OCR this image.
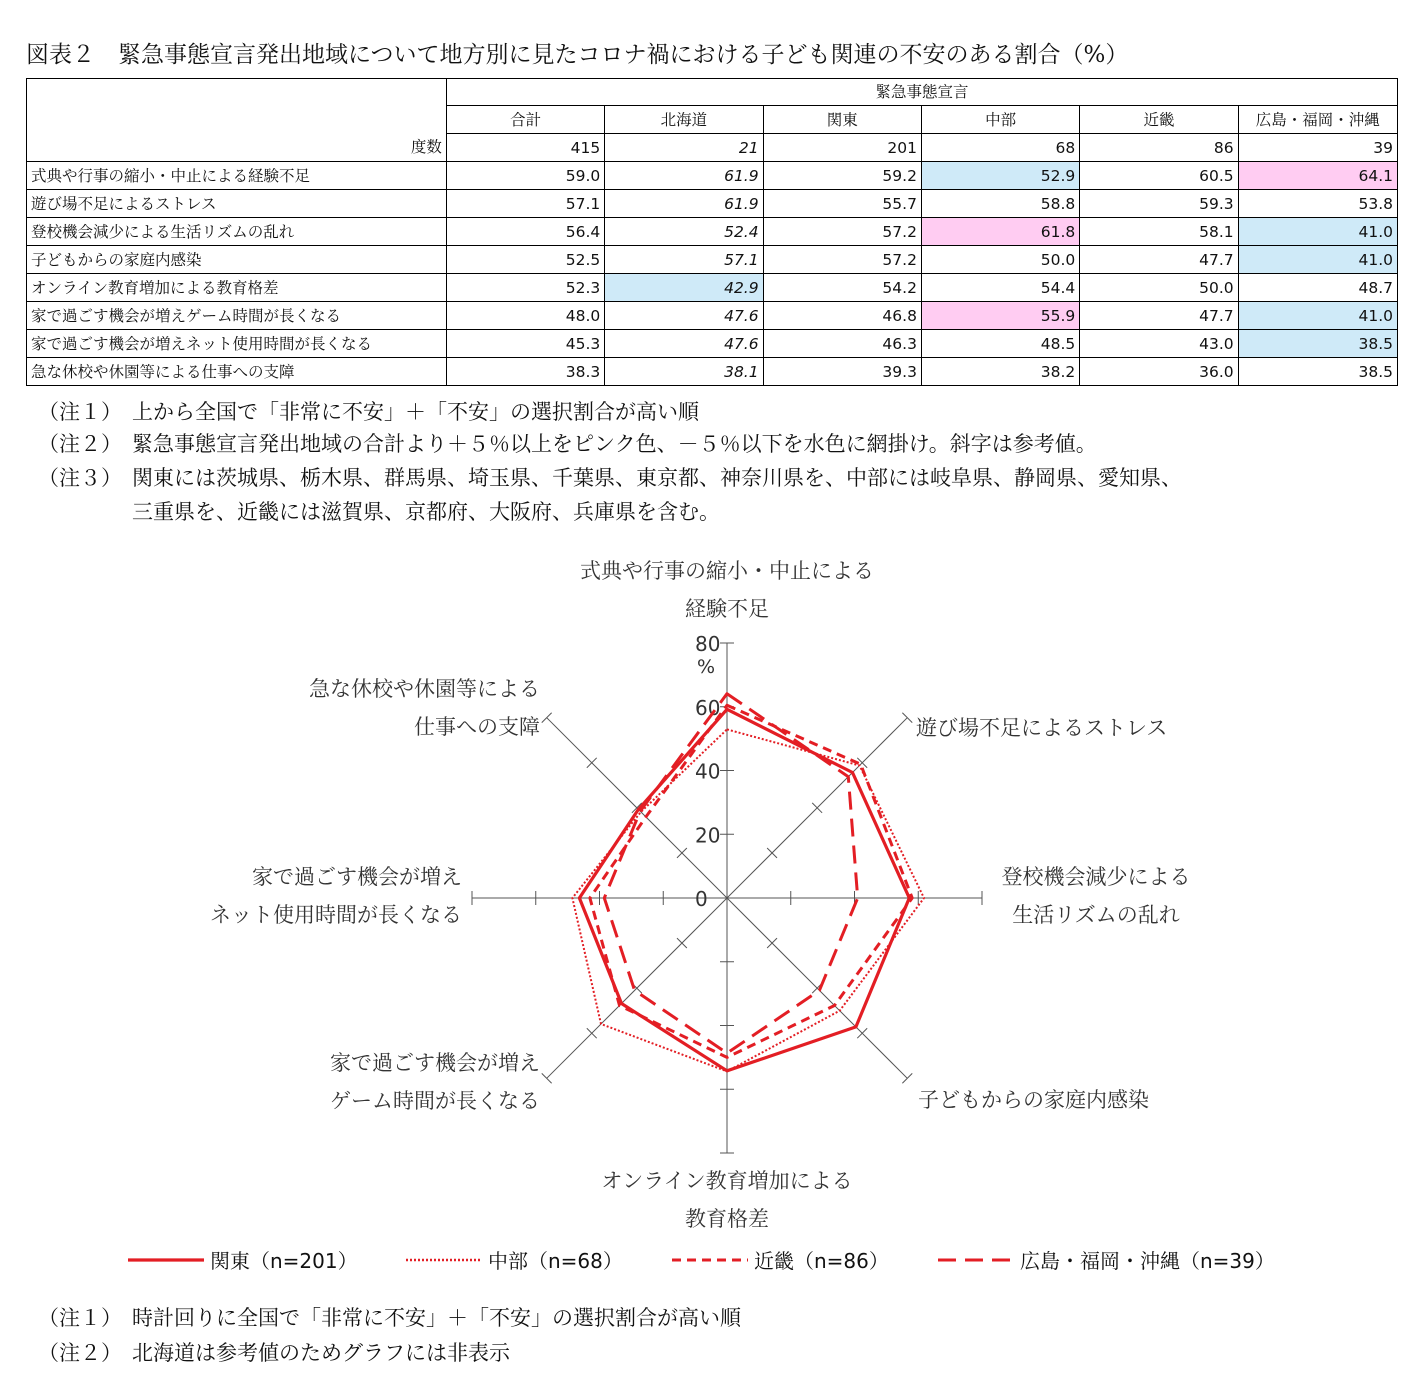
図表２　緊急事態宣言発出地域について地方別に見たコロナ禍における子ども関連の不安のある割合（%）
	緊急事態宣言					
	合計	北海道	関東	中部	近畿	広島・福岡・沖縄
度数	415	21	201	68	86	39
式典や行事の縮小・中止による経験不足	59.0	61.9	59.2	52.9	60.5	64.1
遊び場不足によるストレス	57.1	61.9	55.7	58.8	59.3	53.8
登校機会減少による生活リズムの乱れ	56.4	52.4	57.2	61.8	58.1	41.0
子どもからの家庭内感染	52.5	57.1	57.2	50.0	47.7	41.0
オンライン教育増加による教育格差	52.3	42.9	54.2	54.4	50.0	48.7
家で過ごす機会が増えゲーム時間が長くなる	48.0	47.6	46.8	55.9	47.7	41.0
家で過ごす機会が増えネット使用時間が長くなる	45.3	47.6	46.3	48.5	43.0	38.5
急な休校や休園等による仕事への支障	38.3	38.1	39.3	38.2	36.0	38.5
（注１） 上から全国で「非常に不安」＋「不安」の選択割合が高い順
（注２） 緊急事態宣言発出地域の合計より＋５％以上をピンク色、－５％以下を水色に網掛け。斜字は参考値。
（注３） 関東には茨城県、栃木県、群馬県、埼玉県、千葉県、東京都、神奈川県を、中部には岐阜県、静岡県、愛知県、
三重県を、近畿には滋賀県、京都府、大阪府、兵庫県を含む。
0
20
40
60
80
%
式典や行事の縮小・中止による
経験不足
遊び場不足によるストレス
登校機会減少による
生活リズムの乱れ
子どもからの家庭内感染
オンライン教育増加による
教育格差
家で過ごす機会が増え
ゲーム時間が長くなる
家で過ごす機会が増え
ネット使用時間が長くなる
急な休校や休園等による
仕事への支障
関東（n=201）	中部（n=68）	近畿（n=86）	広島・福岡・沖縄（n=39）
（注１） 時計回りに全国で「非常に不安」＋「不安」の選択割合が高い順
（注２） 北海道は参考値のためグラフには非表示
